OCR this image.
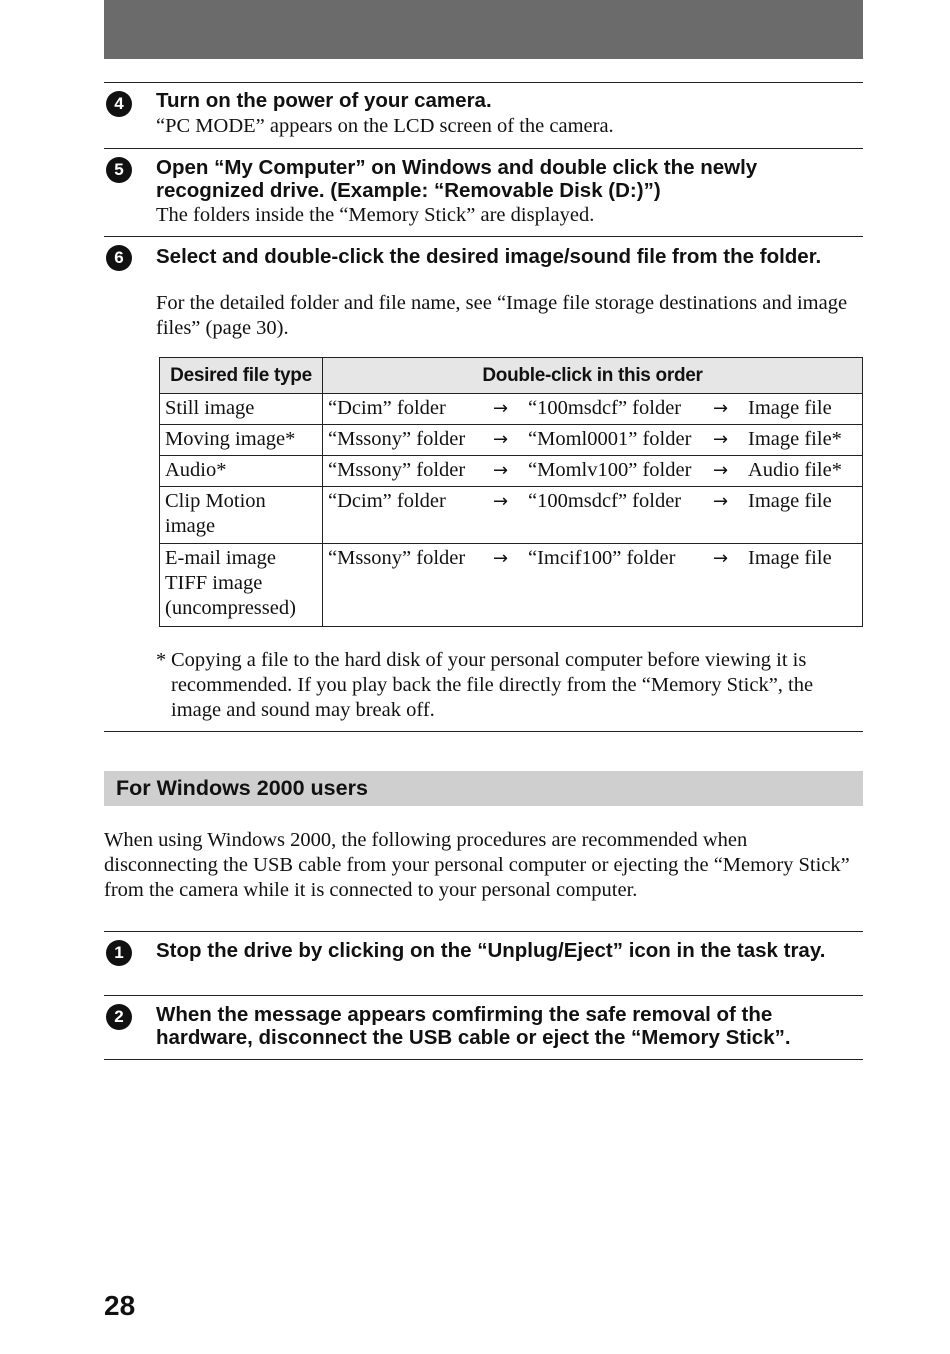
4	Turn on the power of your camera.
“PC MODE” appears on the LCD screen of the camera.
5	Open “My Computer” on Windows and double click the newly recognized drive. (Example: “Removable Disk (D:)”)
The folders inside the “Memory Stick” are displayed.
6	Select and double-click the desired image/sound file from the folder.
For the detailed folder and file name, see “Image file storage destinations and image files” (page 30).
Desired file type	Double-click in this order
Still image	“Dcim” folder → “100msdcf” folder → Image file

Moving image*	“Mssony” folder → “Moml0001” folder → Image file*

Audio*	“Mssony” folder → “Momlv100” folder → Audio file*

Clip Motion image	“Dcim” folder → “100msdcf” folder → Image file

E-mail image TIFF image (uncompressed)	“Mssony” folder → “Imcif100” folder → Image file
* Copying a file to the hard disk of your personal computer before viewing it is recommended. If you play back the file directly from the “Memory Stick”, the image and sound may break off.
For Windows 2000 users
When using Windows 2000, the following procedures are recommended when disconnecting the USB cable from your personal computer or ejecting the “Memory Stick” from the camera while it is connected to your personal computer.
1	Stop the drive by clicking on the “Unplug/Eject” icon in the task tray.
2	When the message appears comfirming the safe removal of the hardware, disconnect the USB cable or eject the “Memory Stick”.
28
